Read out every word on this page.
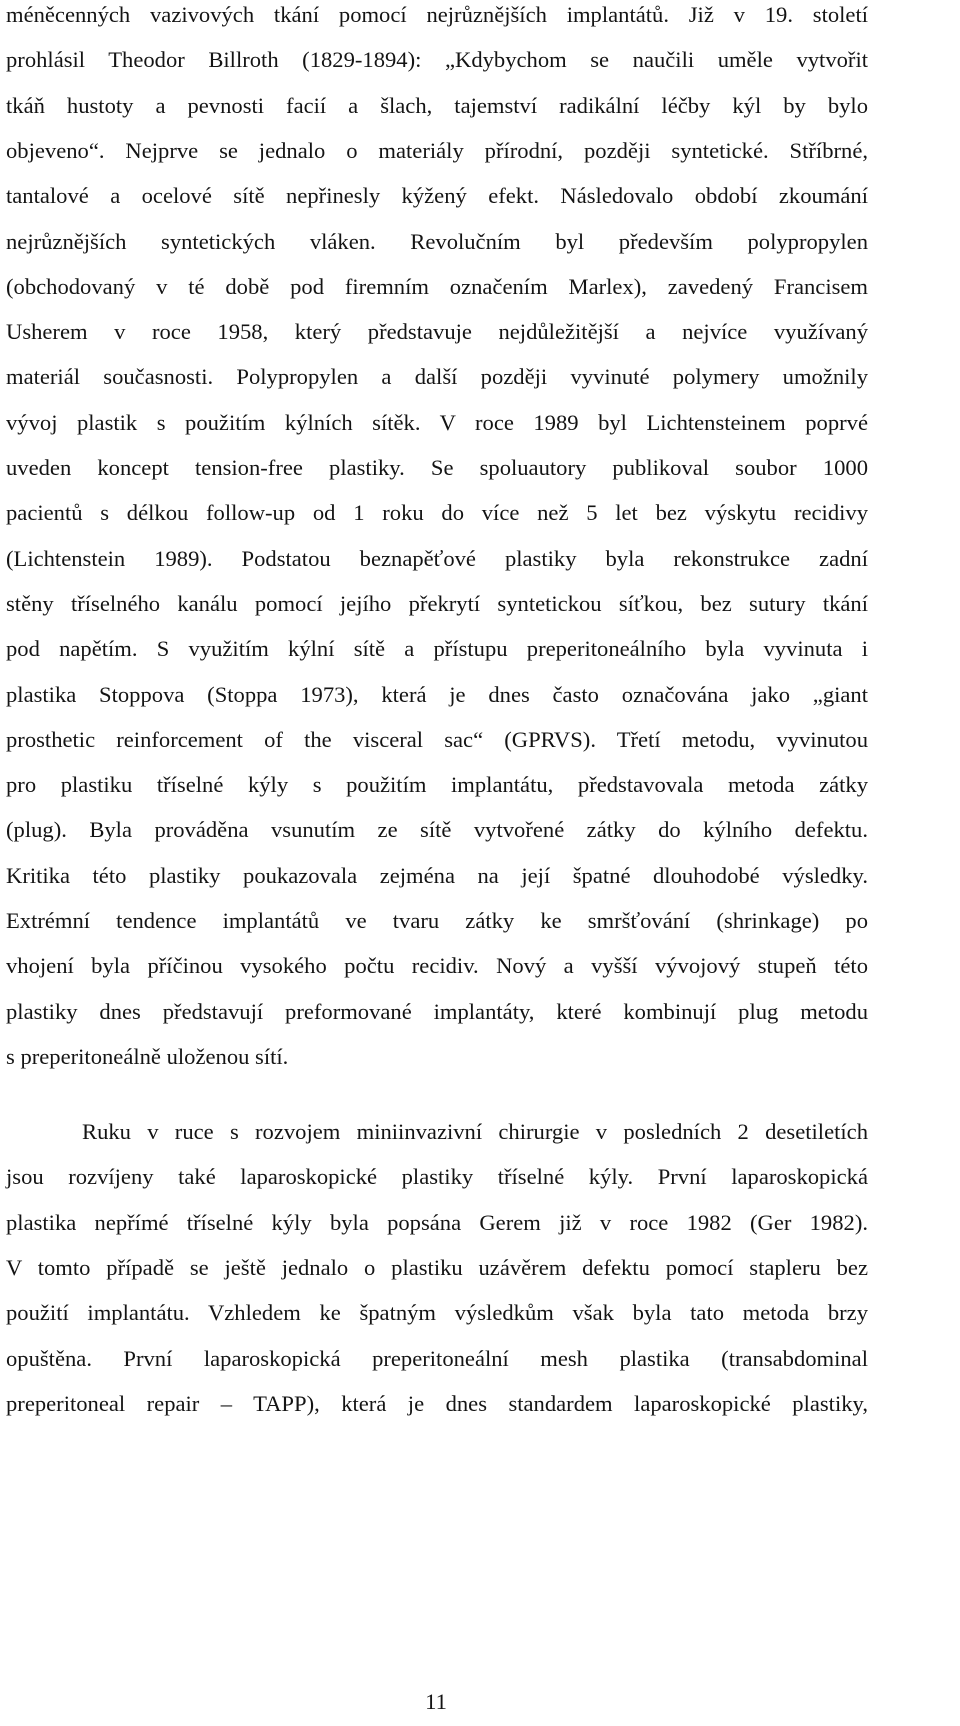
méněcenných vazivových tkání pomocí nejrůznějších implantátů. Již v 19. století
prohlásil Theodor Billroth (1829-1894): „Kdybychom se naučili uměle vytvořit
tkáň hustoty a pevnosti facií a šlach, tajemství radikální léčby kýl by bylo
objeveno“. Nejprve se jednalo o materiály přírodní, později syntetické. Stříbrné,
tantalové a ocelové sítě nepřinesly kýžený efekt. Následovalo období zkoumání
nejrůznějších syntetických vláken. Revolučním byl především polypropylen
(obchodovaný v té době pod firemním označením Marlex), zavedený Francisem
Usherem v roce 1958, který představuje nejdůležitější a nejvíce využívaný
materiál současnosti. Polypropylen a další později vyvinuté polymery umožnily
vývoj plastik s použitím kýlních sítěk. V roce 1989 byl Lichtensteinem poprvé
uveden koncept tension-free plastiky. Se spoluautory publikoval soubor 1000
pacientů s délkou follow-up od 1 roku do více než 5 let bez výskytu recidivy
(Lichtenstein 1989). Podstatou beznapěťové plastiky byla rekonstrukce zadní
stěny tříselného kanálu pomocí jejího překrytí syntetickou síťkou, bez sutury tkání
pod napětím. S využitím kýlní sítě a přístupu preperitoneálního byla vyvinuta i
plastika Stoppova (Stoppa 1973), která je dnes často označována jako „giant
prosthetic reinforcement of the visceral sac“ (GPRVS). Třetí metodu, vyvinutou
pro plastiku tříselné kýly s použitím implantátu, představovala metoda zátky
(plug). Byla prováděna vsunutím ze sítě vytvořené zátky do kýlního defektu.
Kritika této plastiky poukazovala zejména na její špatné dlouhodobé výsledky.
Extrémní tendence implantátů ve tvaru zátky ke smršťování (shrinkage) po
vhojení byla příčinou vysokého počtu recidiv. Nový a vyšší vývojový stupeň této
plastiky dnes představují preformované implantáty, které kombinují plug metodu
s preperitoneálně uloženou sítí.
Ruku v ruce s rozvojem miniinvazivní chirurgie v posledních 2 desetiletích
jsou rozvíjeny také laparoskopické plastiky tříselné kýly. První laparoskopická
plastika nepřímé tříselné kýly byla popsána Gerem již v roce 1982 (Ger 1982).
V tomto případě se ještě jednalo o plastiku uzávěrem defektu pomocí stapleru bez
použití implantátu. Vzhledem ke špatným výsledkům však byla tato metoda brzy
opuštěna. První laparoskopická preperitoneální mesh plastika (transabdominal
preperitoneal repair – TAPP), která je dnes standardem laparoskopické plastiky,
11
